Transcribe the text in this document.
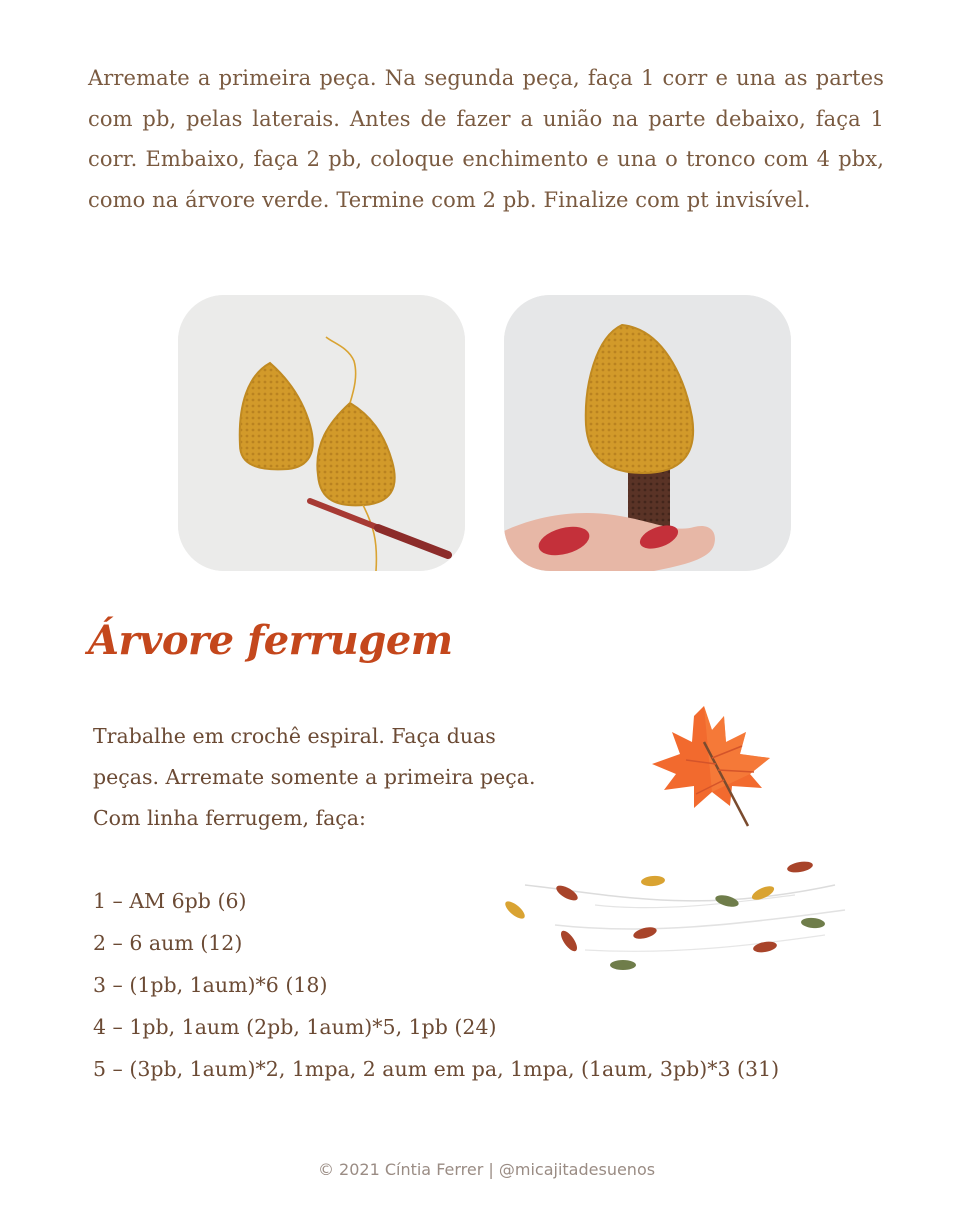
Arremate a primeira peça. Na segunda peça, faça 1 corr e una as partes com pb, pelas laterais. Antes de fazer a união na parte debaixo, faça 1 corr. Embaixo, faça 2 pb, coloque enchimento e una o tronco com 4 pbx, como na árvore verde. Termine com 2 pb. Finalize com pt invisível.
Árvore ferrugem

Trabalhe em crochê espiral. Faça duas

peças. Arremate somente a primeira peça.

Com linha ferrugem, faça:

1 – AM 6pb (6)
2 – 6 aum (12)
3 – (1pb, 1aum)*6 (18)
4 – 1pb, 1aum (2pb, 1aum)*5, 1pb (24)
5 – (3pb, 1aum)*2, 1mpa, 2 aum em pa, 1mpa, (1aum, 3pb)*3 (31)
© 2021 Cíntia Ferrer | @micajitadesuenos
